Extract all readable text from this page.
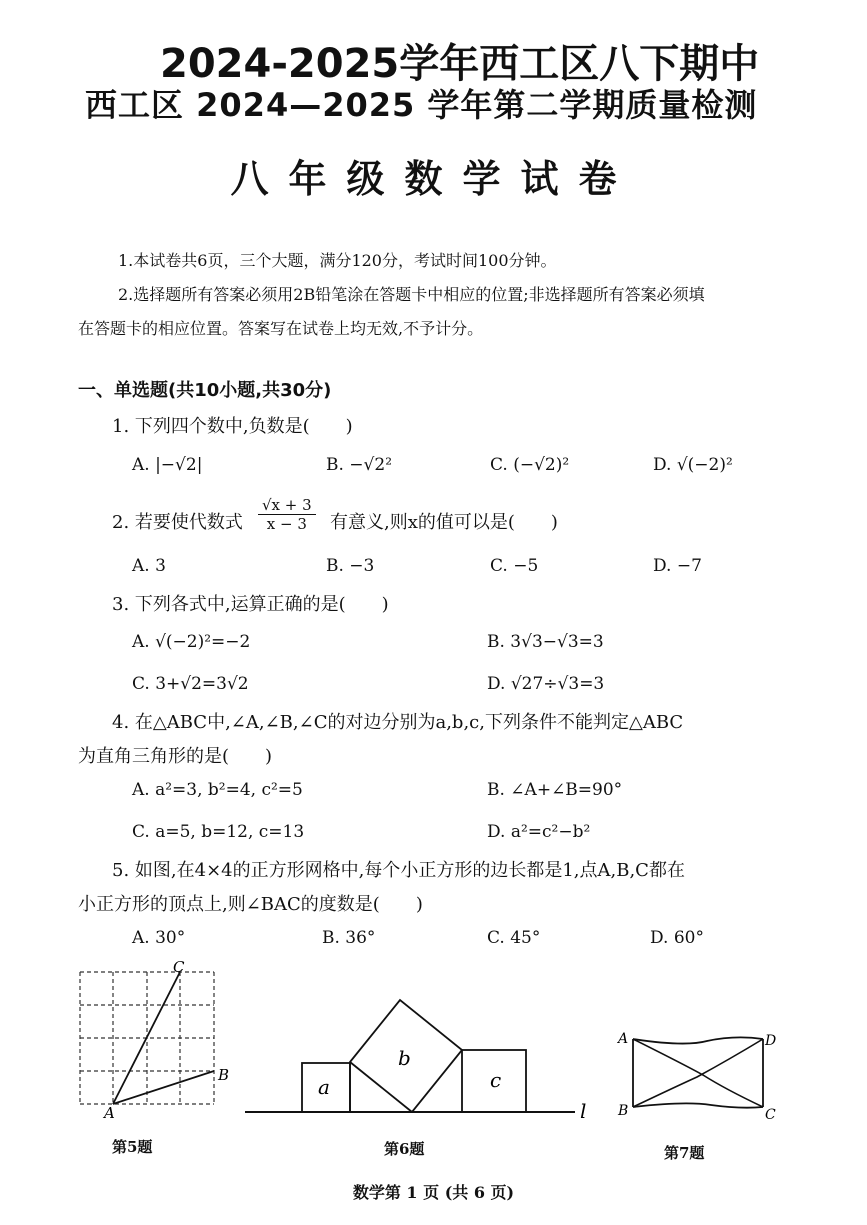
2024-2025学年西工区八下期中
西工区 2024—2025 学年第二学期质量检测
八年级数学试卷
1.本试卷共6页，三个大题，满分120分，考试时间100分钟。
2.选择题所有答案必须用2B铅笔涂在答题卡中相应的位置;非选择题所有答案必须填
在答题卡的相应位置。答案写在试卷上均无效,不予计分。
一、单选题(共10小题,共30分)
1. 下列四个数中,负数是(　　)
A. |−√2|	B. −√2²	C. (−√2)²	D. √(−2)²
2. 若要使代数式 $\frac{√x + 3}{x - 3}$ 有意义,则x的值可以是(　　)
A. 3	B. −3	C. −5	D. −7
3. 下列各式中,运算正确的是(　　)
A. √(−2)²=−2	B. 3√3−√3=3
C. 3+√2=3√2	D. √27÷√3=3
4. 在△ABC中,∠A,∠B,∠C的对边分别为a,b,c,下列条件不能判定△ABC
为直角三角形的是(　　)
A. a²=3, b²=4, c²=5	B. ∠A+∠B=90°
C. a=5, b=12, c=13	D. a²=c²−b²
5. 如图,在4×4的正方形网格中,每个小正方形的边长都是1,点A,B,C都在
小正方形的顶点上,则∠BAC的度数是(　　)
A. 30°	B. 36°	C. 45°	D. 60°
C
B
A
第5题
a
b
c
l
第6题
A
B	C
D
第7题
数学第 1 页 (共 6 页)
